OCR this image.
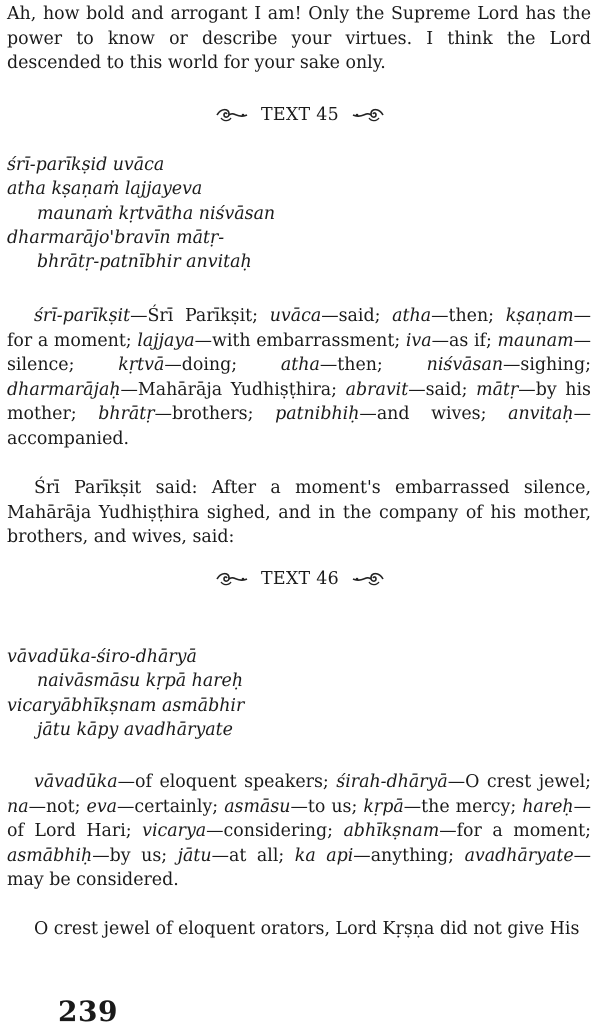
Ah, how bold and arrogant I am! Only the Supreme Lord has the power to know or describe your virtues. I think the Lord descended to this world for your sake only.

TEXT 45
śrī-parīkṣid uvāca
atha kṣaṇaṁ lajjayeva
maunaṁ kṛtvātha niśvāsan
dharmarājo'bravīn mātṛ-
bhrātṛ-patnībhir anvitaḥ

śrī-parīkṣit—Śrī Parīkṣit; uvāca—said; atha—then; kṣaṇam—for a moment; lajjaya—with embarrassment; iva—as if; maunam—silence; kṛtvā—doing; atha—then; niśvāsan—sighing; dharmarājaḥ—Mahārāja Yudhiṣṭhira; abravit—said; mātṛ—by his mother; bhrātṛ—brothers; patnibhiḥ—and wives; anvitaḥ—accompanied.

Śrī Parīkṣit said: After a moment's embarrassed silence, Mahārāja Yudhiṣṭhira sighed, and in the company of his mother, brothers, and wives, said:

TEXT 46
vāvadūka-śiro-dhāryā
naivāsmāsu kṛpā hareḥ
vicaryābhīkṣnam asmābhir
jātu kāpy avadhāryate

vāvadūka—of eloquent speakers; śirah-dhāryā—O crest jewel; na—not; eva—certainly; asmāsu—to us; kṛpā—the mercy; hareḥ—of Lord Hari; vicarya—considering; abhīkṣnam—for a moment; asmābhiḥ—by us; jātu—at all; ka api—anything; avadhāryate—may be considered.

O crest jewel of eloquent orators, Lord Kṛṣṇa did not give His

239
